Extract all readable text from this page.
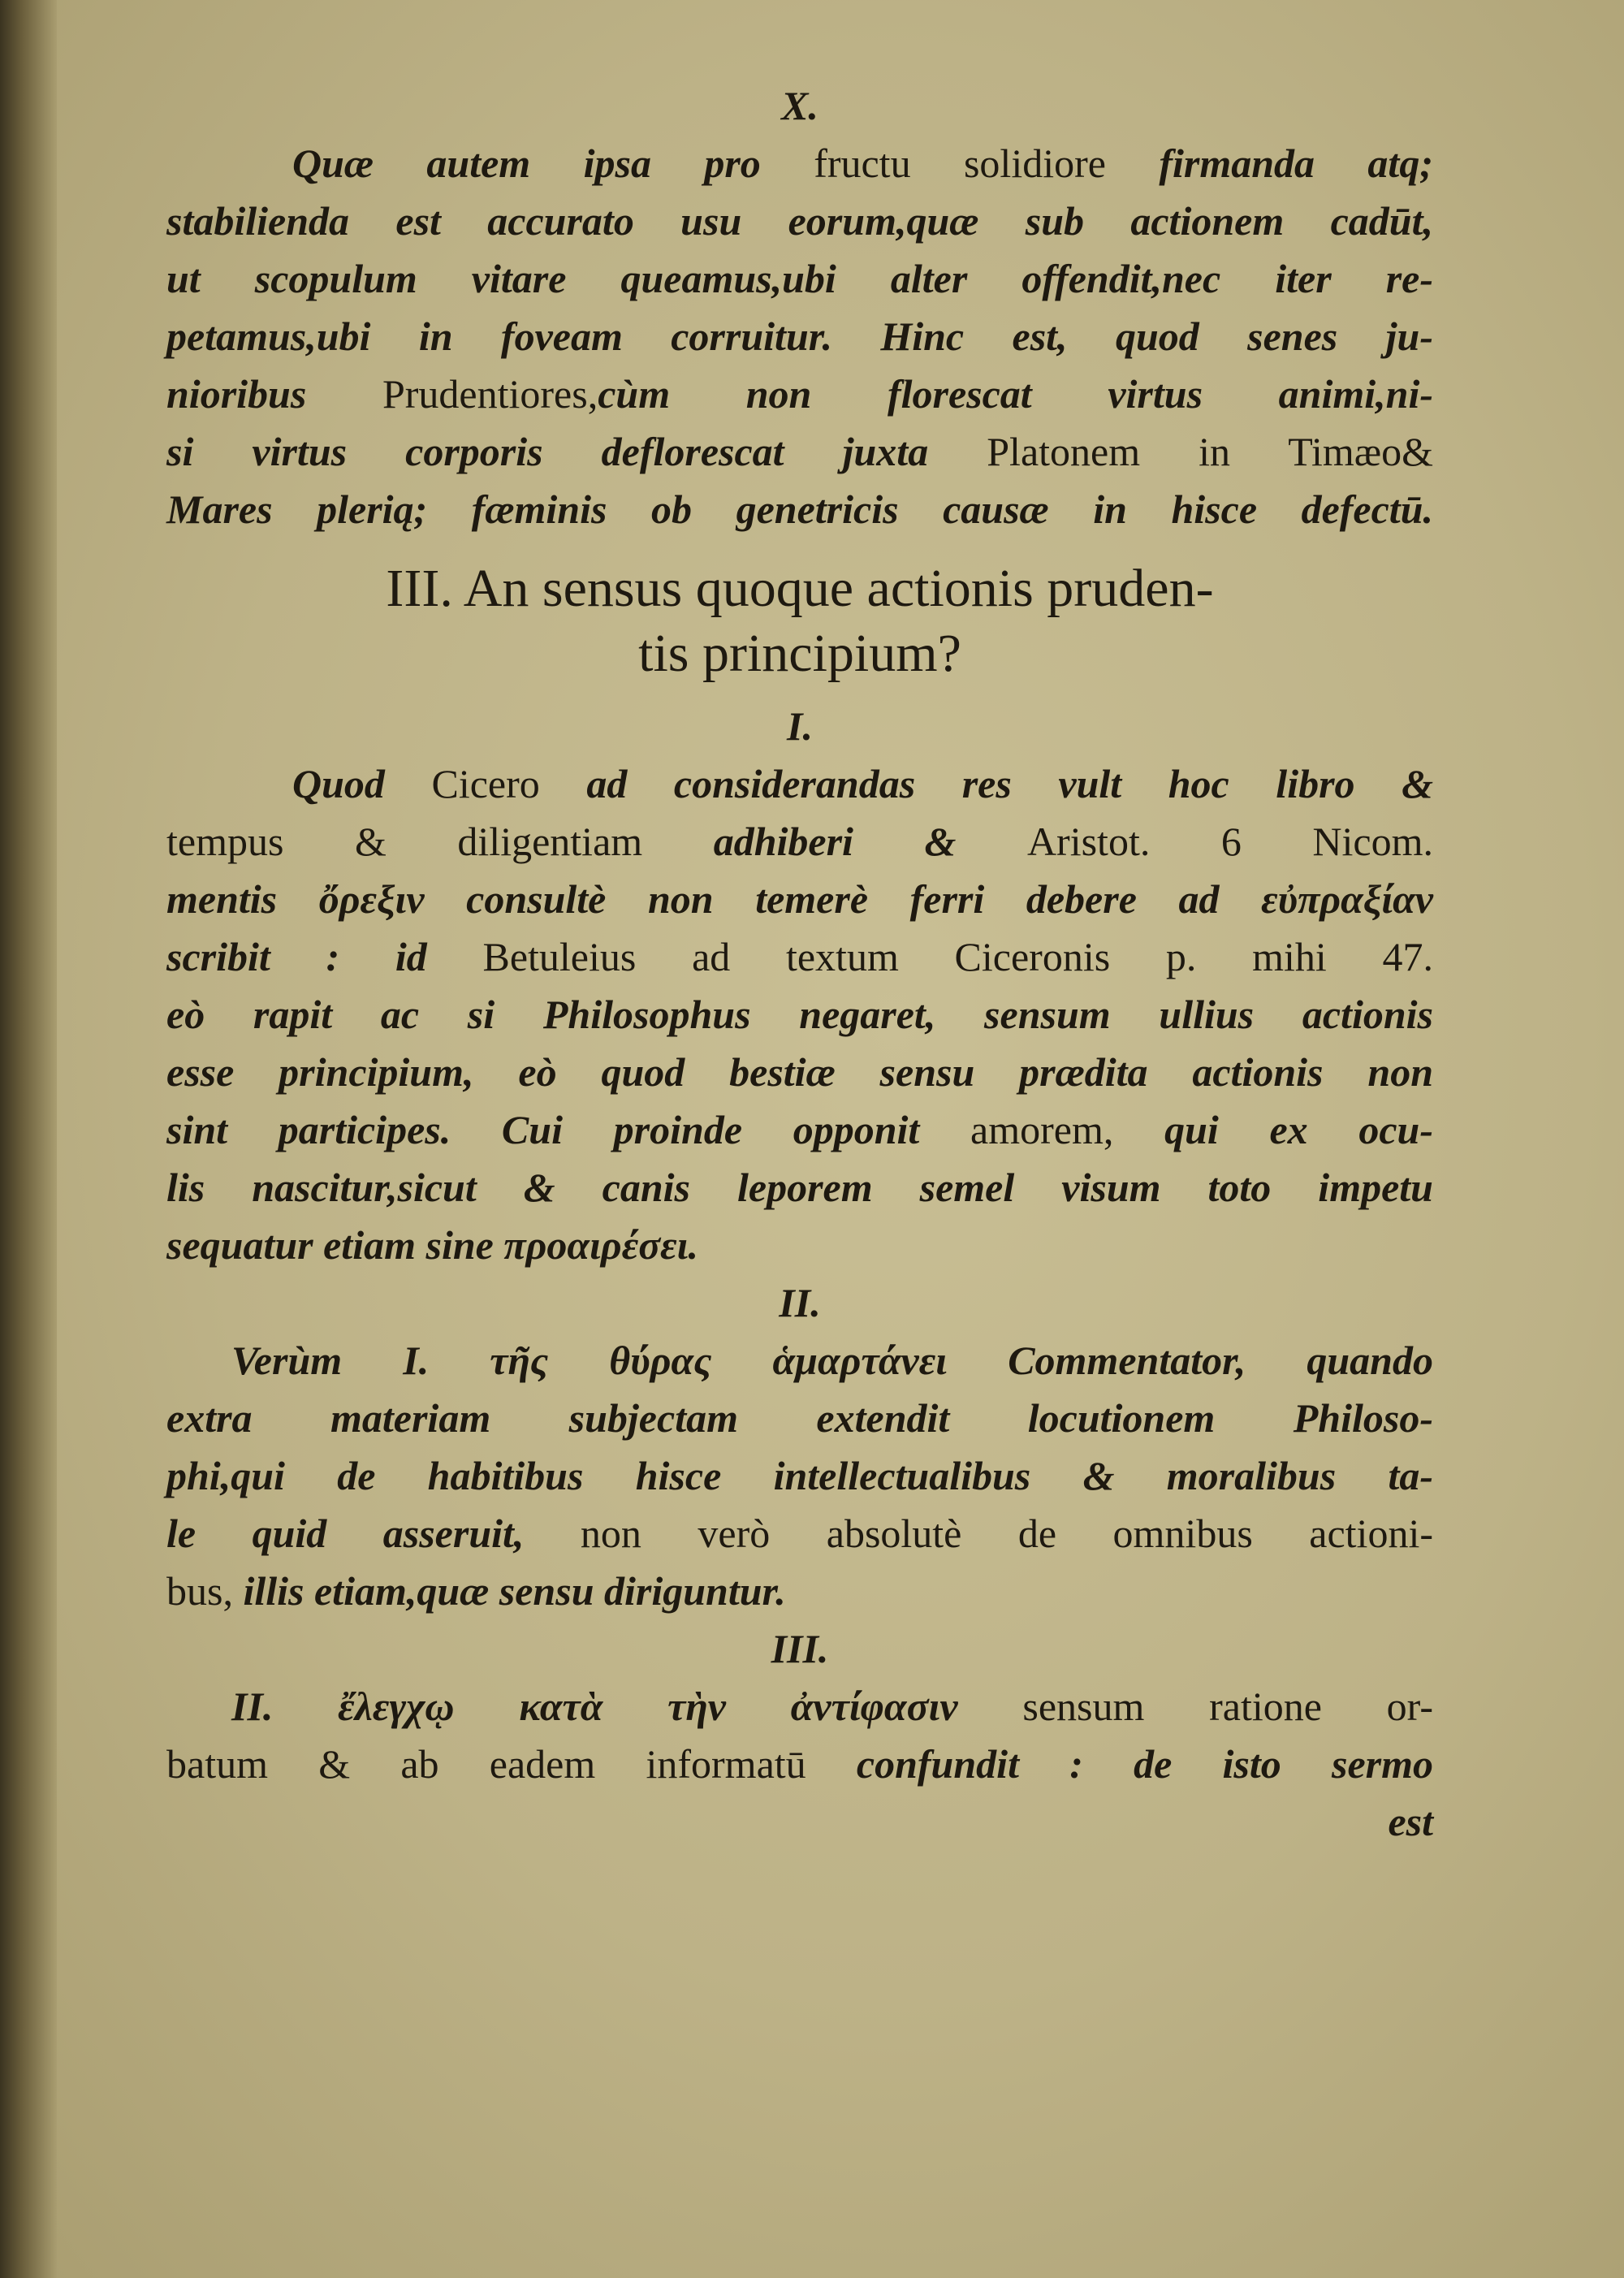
X.
Quæ autem ipsa pro fructu solidiore firmanda atq;
stabilienda est accurato usu eorum,quæ sub actionem cadūt,
ut scopulum vitare queamus,ubi alter offendit,nec iter re-
petamus,ubi in foveam corruitur. Hinc est, quod senes ju-
nioribus Prudentiores,cùm non florescat virtus animi,ni-
si virtus corporis deflorescat juxta Platonem in Timæo&
Mares plerią; fæminis ob genetricis causæ in hisce defectū.
III. An sensus quoque actionis pruden-
tis principium?
I.
Quod Cicero ad considerandas res vult hoc libro &
tempus & diligentiam adhiberi & Aristot. 6 Nicom.
mentis ὄρεξιν consultè non temerè ferri debere ad εὐπραξίαν
scribit : id Betuleius ad textum Ciceronis p. mihi 47.
eò rapit ac si Philosophus negaret, sensum ullius actionis
esse principium, eò quod bestiæ sensu prædita actionis non
sint participes. Cui proinde opponit amorem, qui ex ocu-
lis nascitur,sicut & canis leporem semel visum toto impetu
sequatur etiam sine προαιρέσει.
II.
Verùm I. τῆς θύρας ἁμαρτάνει Commentator, quando
extra materiam subjectam extendit locutionem Philoso-
phi,qui de habitibus hisce intellectualibus & moralibus ta-
le quid asseruit, non verò absolutè de omnibus actioni-
bus, illis etiam,quæ sensu diriguntur.
III.
II. ἔλεγχῳ κατὰ τὴν ἀντίφασιν sensum ratione or-
batum & ab eadem informatū confundit : de isto sermo
est
